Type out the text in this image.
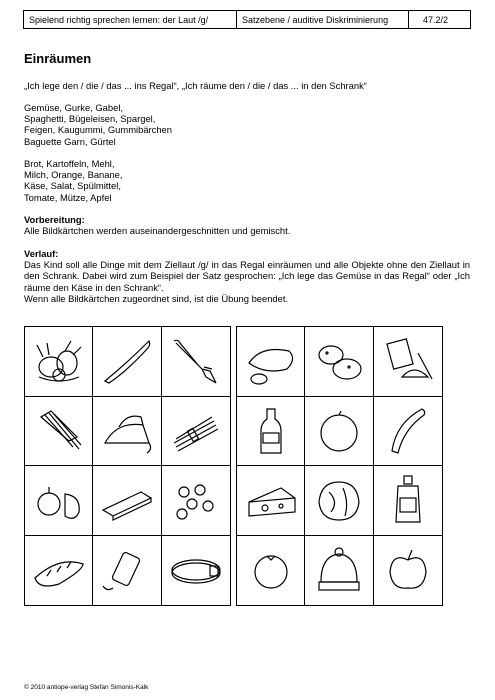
Spielend richtig sprechen lernen: der Laut /g/	Satzebene / auditive Diskriminierung	47.2/2
Einräumen
„Ich lege den / die / das ... ins Regal“, „Ich räume den / die / das ... in den Schrank“
Gemüse, Gurke, Gabel,
Spaghetti, Bügeleisen, Spargel,
Feigen, Kaugummi, Gummibärchen
Baguette Garn, Gürtel
Brot, Kartoffeln, Mehl,
Milch, Orange, Banane,
Käse, Salat, Spülmittel,
Tomate, Mütze, Apfel
Vorbereitung:
Alle Bildkärtchen werden auseinandergeschnitten und gemischt.
Verlauf:
Das Kind soll alle Dinge mit dem Ziellaut /g/ in das Regal einräumen und alle Objekte ohne den Ziellaut in den Schrank. Dabei wird zum Beispiel der Satz gesprochen: „Ich lege das Gemüse in das Regal“ oder „Ich räume den Käse in den Schrank“.
Wenn alle Bildkärtchen zugeordnet sind, ist die Übung beendet.
© 2010 antiope-verlag Stefan Simonis-Kalk
